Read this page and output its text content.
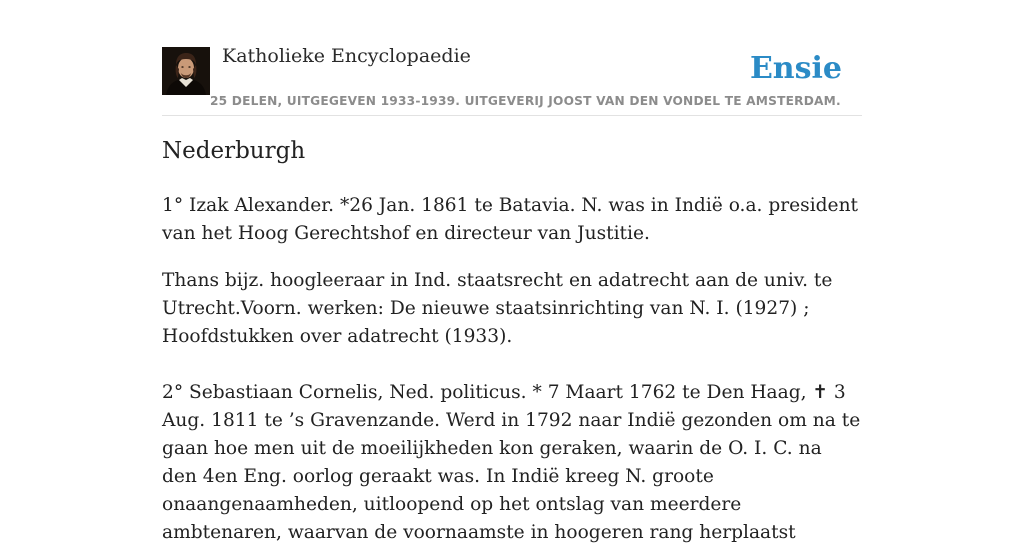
Katholieke Encyclopaedie	Ensie
25 DELEN, UITGEGEVEN 1933-1939. UITGEVERIJ JOOST VAN DEN VONDEL TE AMSTERDAM.
Nederburgh

1° Izak Alexander. *26 Jan. 1861 te Batavia. N. was in Indië o.a. president van het Hoog Gerechtshof en directeur van Justitie.

Thans bijz. hoogleeraar in Ind. staatsrecht en adatrecht aan de univ. te Utrecht.Voorn. werken: De nieuwe staatsinrichting van N. I. (1927) ; Hoofdstukken over adatrecht (1933).

2° Sebastiaan Cornelis, Ned. politicus. * 7 Maart 1762 te Den Haag, ✝ 3 Aug. 1811 te ’s Gravenzande. Werd in 1792 naar Indië gezonden om na te gaan hoe men uit de moeilijkheden kon geraken, waarin de O. I. C. na den 4en Eng. oorlog geraakt was. In Indië kreeg N. groote onaangenaamheden, uitloopend op het ontslag van meerdere ambtenaren, waarvan de voornaamste in hoogeren rang herplaatst
